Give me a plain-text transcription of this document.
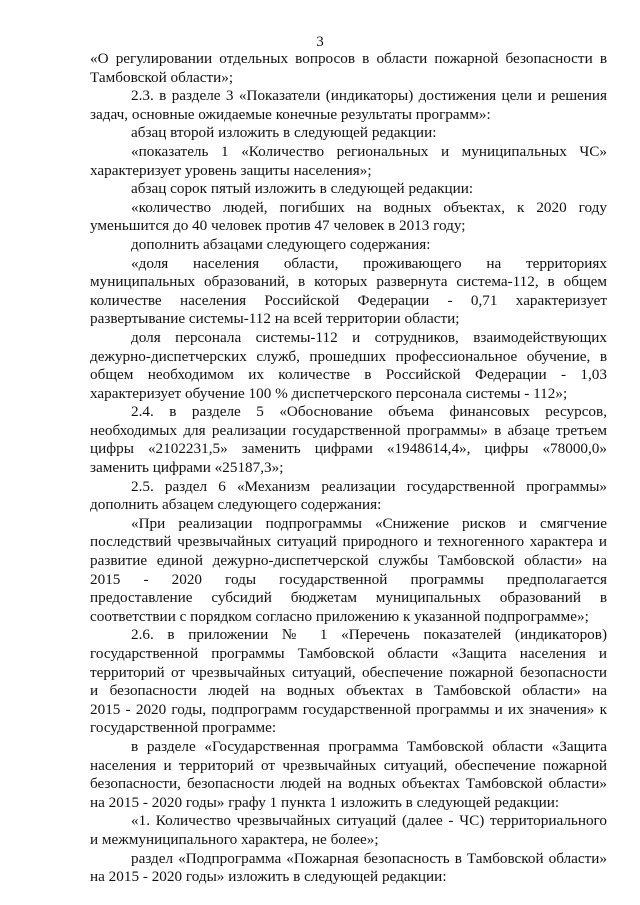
3
«О регулировании отдельных вопросов в области пожарной безопасности в
Тамбовской области»;
2.3. в разделе 3 «Показатели (индикаторы) достижения цели и решения
задач, основные ожидаемые конечные результаты программ»:
абзац второй изложить в следующей редакции:
«показатель 1 «Количество региональных и муниципальных ЧС»
характеризует уровень защиты населения»;
абзац сорок пятый изложить в следующей редакции:
«количество людей, погибших на водных объектах, к 2020 году
уменьшится до 40 человек против 47 человек в 2013 году;
дополнить абзацами следующего содержания:
«доля населения области, проживающего на территориях
муниципальных образований, в которых развернута система-112, в общем
количестве населения Российской Федерации - 0,71 характеризует
развертывание системы-112 на всей территории области;
доля персонала системы-112 и сотрудников, взаимодействующих
дежурно-диспетчерских служб, прошедших профессиональное обучение, в
общем необходимом их количестве в Российской Федерации - 1,03
характеризует обучение 100 % диспетчерского персонала системы - 112»;
2.4. в разделе 5 «Обоснование объема финансовых ресурсов,
необходимых для реализации государственной программы» в абзаце третьем
цифры «2102231,5» заменить цифрами «1948614,4», цифры «78000,0»
заменить цифрами «25187,3»;
2.5. раздел 6 «Механизм реализации государственной программы»
дополнить абзацем следующего содержания:
«При реализации подпрограммы «Снижение рисков и смягчение
последствий чрезвычайных ситуаций природного и техногенного характера и
развитие единой дежурно-диспетчерской службы Тамбовской области» на
2015 - 2020 годы государственной программы предполагается
предоставление субсидий бюджетам муниципальных образований в
соответствии с порядком согласно приложению к указанной подпрограмме»;
2.6. в приложении № 1 «Перечень показателей (индикаторов)
государственной программы Тамбовской области «Защита населения и
территорий от чрезвычайных ситуаций, обеспечение пожарной безопасности
и безопасности людей на водных объектах в Тамбовской области» на
2015 - 2020 годы, подпрограмм государственной программы и их значения» к
государственной программе:
в разделе «Государственная программа Тамбовской области «Защита
населения и территорий от чрезвычайных ситуаций, обеспечение пожарной
безопасности, безопасности людей на водных объектах Тамбовской области»
на 2015 - 2020 годы» графу 1 пункта 1 изложить в следующей редакции:
«1. Количество чрезвычайных ситуаций (далее - ЧС) территориального
и межмуниципального характера, не более»;
раздел «Подпрограмма «Пожарная безопасность в Тамбовской области»
на 2015 - 2020 годы» изложить в следующей редакции:
